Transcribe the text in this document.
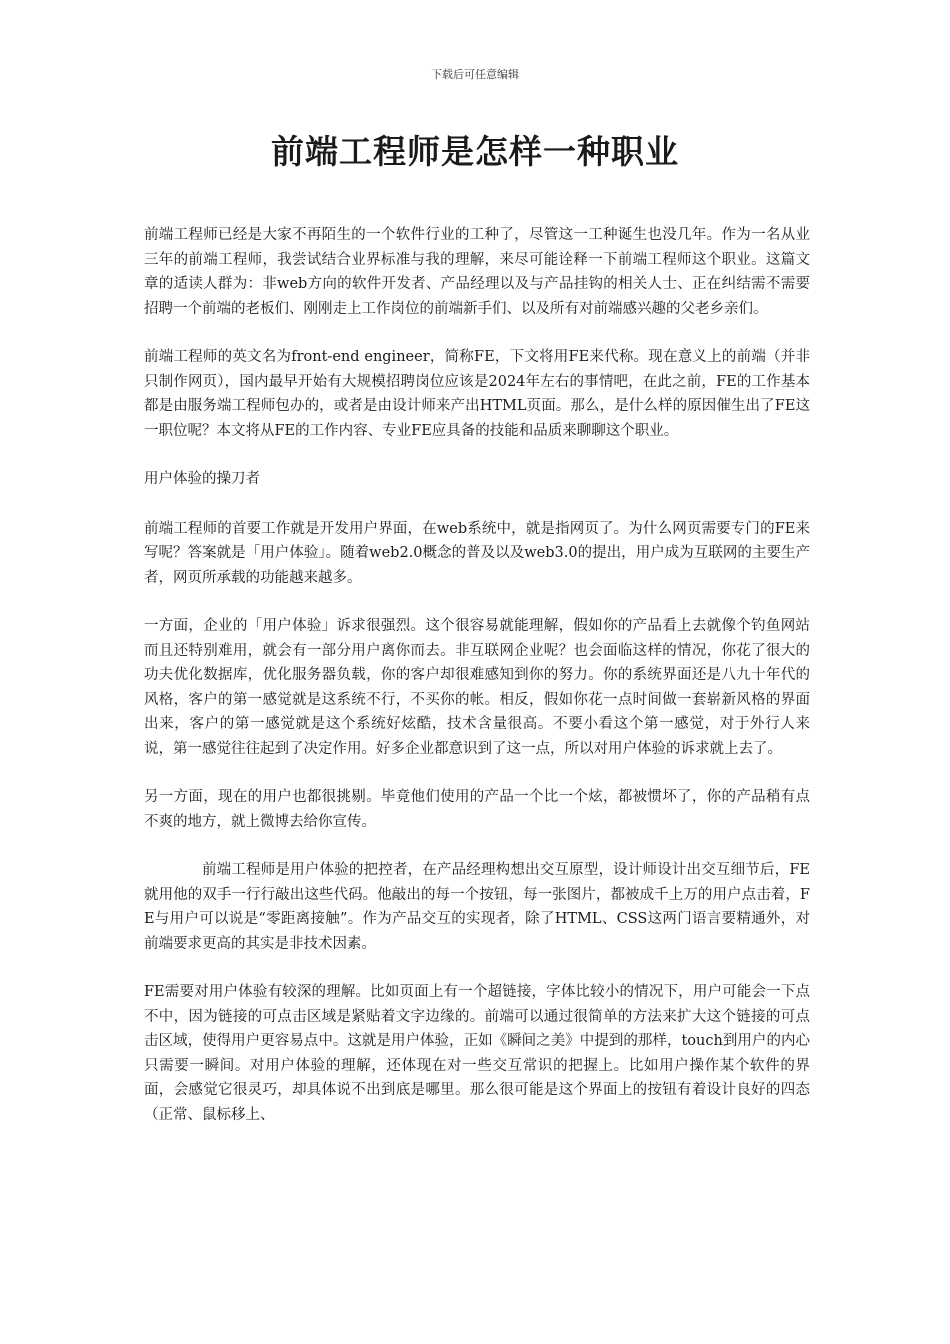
下载后可任意编辑
前端工程师是怎样一种职业

前端工程师已经是大家不再陌生的一个软件行业的工种了，尽管这一工种诞生也没几年。作为一名从业三年的前端工程师，我尝试结合业界标准与我的理解，来尽可能诠释一下前端工程师这个职业。这篇文章的适读人群为：非web方向的软件开发者、产品经理以及与产品挂钩的相关人士、正在纠结需不需要招聘一个前端的老板们、刚刚走上工作岗位的前端新手们、以及所有对前端感兴趣的父老乡亲们。

前端工程师的英文名为front-end engineer，简称FE，下文将用FE来代称。现在意义上的前端（并非只制作网页），国内最早开始有大规模招聘岗位应该是2024年左右的事情吧，在此之前，FE的工作基本都是由服务端工程师包办的，或者是由设计师来产出HTML页面。那么，是什么样的原因催生出了FE这一职位呢？本文将从FE的工作内容、专业FE应具备的技能和品质来聊聊这个职业。

用户体验的操刀者

前端工程师的首要工作就是开发用户界面，在web系统中，就是指网页了。为什么网页需要专门的FE来写呢？答案就是「用户体验」。随着web2.0概念的普及以及web3.0的提出，用户成为互联网的主要生产者，网页所承载的功能越来越多。

一方面，企业的「用户体验」诉求很强烈。这个很容易就能理解，假如你的产品看上去就像个钓鱼网站而且还特别难用，就会有一部分用户离你而去。非互联网企业呢？也会面临这样的情况，你花了很大的功夫优化数据库，优化服务器负载，你的客户却很难感知到你的努力。你的系统界面还是八九十年代的风格，客户的第一感觉就是这系统不行，不买你的帐。相反，假如你花一点时间做一套崭新风格的界面出来，客户的第一感觉就是这个系统好炫酷，技术含量很高。不要小看这个第一感觉，对于外行人来说，第一感觉往往起到了决定作用。好多企业都意识到了这一点，所以对用户体验的诉求就上去了。

另一方面，现在的用户也都很挑剔。毕竟他们使用的产品一个比一个炫，都被惯坏了，你的产品稍有点不爽的地方，就上微博去给你宣传。

前端工程师是用户体验的把控者，在产品经理构想出交互原型，设计师设计出交互细节后，FE就用他的双手一行行敲出这些代码。他敲出的每一个按钮，每一张图片，都被成千上万的用户点击着，FE与用户可以说是“零距离接触”。作为产品交互的实现者，除了HTML、CSS这两门语言要精通外，对前端要求更高的其实是非技术因素。

FE需要对用户体验有较深的理解。比如页面上有一个超链接，字体比较小的情况下，用户可能会一下点不中，因为链接的可点击区域是紧贴着文字边缘的。前端可以通过很简单的方法来扩大这个链接的可点击区域，使得用户更容易点中。这就是用户体验，正如《瞬间之美》中提到的那样，touch到用户的内心只需要一瞬间。对用户体验的理解，还体现在对一些交互常识的把握上。比如用户操作某个软件的界面，会感觉它很灵巧，却具体说不出到底是哪里。那么很可能是这个界面上的按钮有着设计良好的四态（正常、鼠标移上、
